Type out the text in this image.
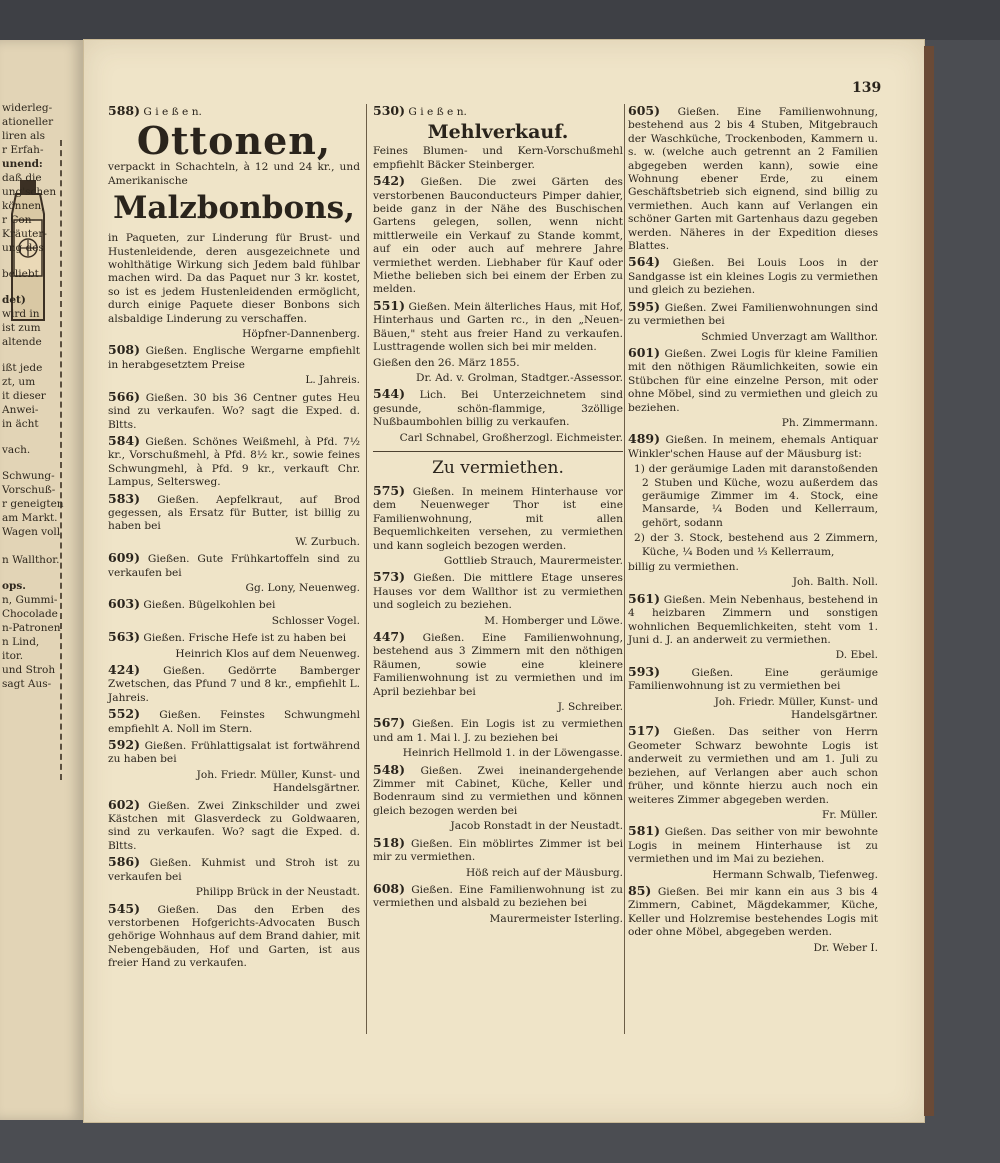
widerleg-
ationeller
liren als
r Erfah-
unend:
daß die
ung'schen
können,
r Con-
Kräuter-
ung des
beliebt
det)
wird in
ist zum
altende
ißt jede
zt, um
it dieser
Anwei-
in ächt
vach.
Schwung-
Vorschuß-
r geneigten
am Markt.
Wagen voll
n Wallthor.
ops.
n, Gummi-
Chocolade
n-Patronen
n Lind,
itor.
und Stroh
sagt Aus-
139

588) G i e ß e n.

Ottonen,

verpackt in Schachteln, à 12 und 24 kr., und Amerikanische

Malzbonbons,

in Paqueten, zur Linderung für Brust- und Hustenleidende, deren ausgezeichnete und wohlthätige Wirkung sich Jedem bald fühlbar machen wird. Da das Paquet nur 3 kr. kostet, so ist es jedem Hustenleidenden ermöglicht, durch einige Paquete dieser Bonbons sich alsbaldige Linderung zu verschaffen.

Höpfner-Dannenberg.

508) Gießen. Englische Wergarne empfiehlt in herabgesetztem Preise

L. Jahreis.

566) Gießen. 30 bis 36 Centner gutes Heu sind zu verkaufen. Wo? sagt die Exped. d. Bltts.

584) Gießen. Schönes Weißmehl, à Pfd. 7½ kr., Vorschußmehl, à Pfd. 8½ kr., sowie feines Schwungmehl, à Pfd. 9 kr., verkauft Chr. Lampus, Seltersweg.

583) Gießen. Aepfelkraut, auf Brod gegessen, als Ersatz für Butter, ist billig zu haben bei

W. Zurbuch.

609) Gießen. Gute Frühkartoffeln sind zu verkaufen bei

Gg. Lony, Neuenweg.

603) Gießen. Bügelkohlen bei

Schlosser Vogel.

563) Gießen. Frische Hefe ist zu haben bei

Heinrich Klos auf dem Neuenweg.

424) Gießen. Gedörrte Bamberger Zwetschen, das Pfund 7 und 8 kr., empfiehlt L. Jahreis.

552) Gießen. Feinstes Schwungmehl empfiehlt A. Noll im Stern.

592) Gießen. Frühlattigsalat ist fortwährend zu haben bei

Joh. Friedr. Müller, Kunst- und Handelsgärtner.

602) Gießen. Zwei Zinkschilder und zwei Kästchen mit Glasverdeck zu Goldwaaren, sind zu verkaufen. Wo? sagt die Exped. d. Bltts.

586) Gießen. Kuhmist und Stroh ist zu verkaufen bei

Philipp Brück in der Neustadt.

545) Gießen. Das den Erben des verstorbenen Hofgerichts-Advocaten Busch gehörige Wohnhaus auf dem Brand dahier, mit Nebengebäuden, Hof und Garten, ist aus freier Hand zu verkaufen.

530) G i e ß e n.

Mehlverkauf.

Feines Blumen- und Kern-Vorschußmehl empfiehlt Bäcker Steinberger.

542) Gießen. Die zwei Gärten des verstorbenen Bauconducteurs Pimper dahier, beide ganz in der Nähe des Buschischen Gartens gelegen, sollen, wenn nicht mittlerweile ein Verkauf zu Stande kommt, auf ein oder auch auf mehrere Jahre vermiethet werden. Liebhaber für Kauf oder Miethe belieben sich bei einem der Erben zu melden.

551) Gießen. Mein älterliches Haus, mit Hof, Hinterhaus und Garten rc., in den „Neuen-Bäuen," steht aus freier Hand zu verkaufen. Lusttragende wollen sich bei mir melden.

Gießen den 26. März 1855.

Dr. Ad. v. Grolman, Stadtger.-Assessor.

544) Lich. Bei Unterzeichnetem sind gesunde, schön-flammige, 3zöllige Nußbaumbohlen billig zu verkaufen.

Carl Schnabel, Großherzogl. Eichmeister.

Zu vermiethen.

575) Gießen. In meinem Hinterhause vor dem Neuenweger Thor ist eine Familienwohnung, mit allen Bequemlichkeiten versehen, zu vermiethen und kann sogleich bezogen werden.

Gottlieb Strauch, Maurermeister.

573) Gießen. Die mittlere Etage unseres Hauses vor dem Wallthor ist zu vermiethen und sogleich zu beziehen.

M. Homberger und Löwe.

447) Gießen. Eine Familienwohnung, bestehend aus 3 Zimmern mit den nöthigen Räumen, sowie eine kleinere Familienwohnung ist zu vermiethen und im April beziehbar bei

J. Schreiber.

567) Gießen. Ein Logis ist zu vermiethen und am 1. Mai l. J. zu beziehen bei

Heinrich Hellmold 1. in der Löwengasse.

548) Gießen. Zwei ineinandergehende Zimmer mit Cabinet, Küche, Keller und Bodenraum sind zu vermiethen und können gleich bezogen werden bei

Jacob Ronstadt in der Neustadt.

518) Gießen. Ein möblirtes Zimmer ist bei mir zu vermiethen.

Höß reich auf der Mäusburg.

608) Gießen. Eine Familienwohnung ist zu vermiethen und alsbald zu beziehen bei

Maurermeister Isterling.

605) Gießen. Eine Familienwohnung, bestehend aus 2 bis 4 Stuben, Mitgebrauch der Waschküche, Trockenboden, Kammern u. s. w. (welche auch getrennt an 2 Familien abgegeben werden kann), sowie eine Wohnung ebener Erde, zu einem Geschäftsbetrieb sich eignend, sind billig zu vermiethen. Auch kann auf Verlangen ein schöner Garten mit Gartenhaus dazu gegeben werden. Näheres in der Expedition dieses Blattes.

564) Gießen. Bei Louis Loos in der Sandgasse ist ein kleines Logis zu vermiethen und gleich zu beziehen.

595) Gießen. Zwei Familienwohnungen sind zu vermiethen bei

Schmied Unverzagt am Wallthor.

601) Gießen. Zwei Logis für kleine Familien mit den nöthigen Räumlichkeiten, sowie ein Stübchen für eine einzelne Person, mit oder ohne Möbel, sind zu vermiethen und gleich zu beziehen.

Ph. Zimmermann.

489) Gießen. In meinem, ehemals Antiquar Winkler'schen Hause auf der Mäusburg ist:

1) der geräumige Laden mit daranstoßenden 2 Stuben und Küche, wozu außerdem das geräumige Zimmer im 4. Stock, eine Mansarde, ¼ Boden und Kellerraum, gehört, sodann

2) der 3. Stock, bestehend aus 2 Zimmern, Küche, ¼ Boden und ⅓ Kellerraum,

billig zu vermiethen.

Joh. Balth. Noll.

561) Gießen. Mein Nebenhaus, bestehend in 4 heizbaren Zimmern und sonstigen wohnlichen Bequemlichkeiten, steht vom 1. Juni d. J. an anderweit zu vermiethen.

D. Ebel.

593)	Gießen. Eine geräumige Familienwohnung ist zu vermiethen bei

Joh. Friedr. Müller, Kunst- und Handelsgärtner.

517) Gießen. Das seither von Herrn Geometer Schwarz bewohnte Logis ist anderweit zu vermiethen und am 1. Juli zu beziehen, auf Verlangen aber auch schon früher, und könnte hierzu auch noch ein weiteres Zimmer abgegeben werden.

Fr. Müller.

581) Gießen. Das seither von mir bewohnte Logis in meinem Hinterhause ist zu vermiethen und im Mai zu beziehen.

Hermann Schwalb, Tiefenweg.

85) Gießen. Bei mir kann ein aus 3 bis 4 Zimmern, Cabinet, Mägdekammer, Küche, Keller und Holzremise bestehendes Logis mit oder ohne Möbel, abgegeben werden.

Dr. Weber I.
